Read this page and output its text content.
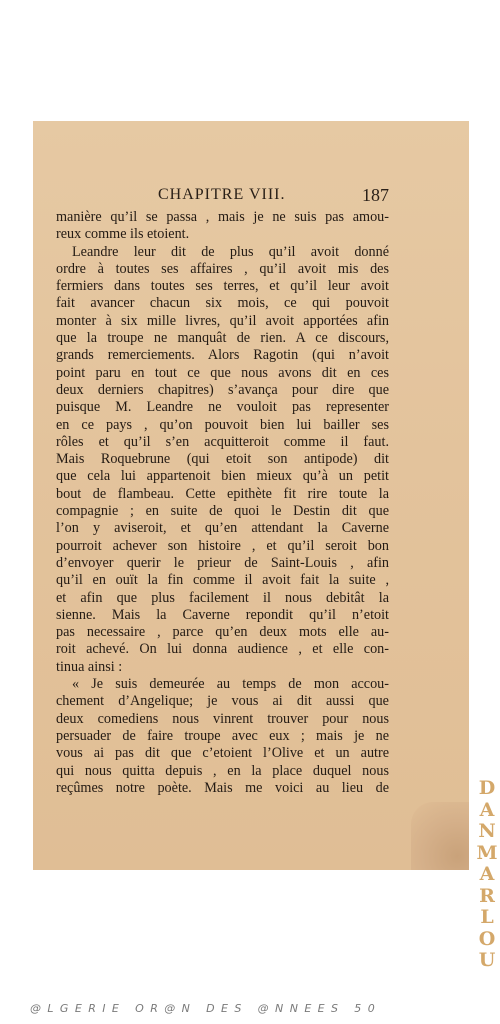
CHAPITRE VIII.	187
manière qu’il se passa , mais je ne suis pas amou-
reux comme ils etoient.
Leandre leur dit de plus qu’il avoit donné
ordre à toutes ses affaires , qu’il avoit mis des
fermiers dans toutes ses terres, et qu’il leur avoit
fait avancer chacun six mois, ce qui pouvoit
monter à six mille livres, qu’il avoit apportées afin
que la troupe ne manquât de rien. A ce discours,
grands remerciements. Alors Ragotin (qui n’avoit
point paru en tout ce que nous avons dit en ces
deux derniers chapitres) s’avança pour dire que
puisque M. Leandre ne vouloit pas representer
en ce pays , qu’on pouvoit bien lui bailler ses
rôles et qu’il s’en acquitteroit comme il faut.
Mais Roquebrune (qui etoit son antipode) dit
que cela lui appartenoit bien mieux qu’à un petit
bout de flambeau. Cette epithète fit rire toute la
compagnie ; en suite de quoi le Destin dit que
l’on y aviseroit, et qu’en attendant la Caverne
pourroit achever son histoire , et qu’il seroit bon
d’envoyer querir le prieur de Saint-Louis , afin
qu’il en ouït la fin comme il avoit fait la suite ,
et afin que plus facilement il nous debitât la
sienne. Mais la Caverne repondit qu’il n’etoit
pas necessaire , parce qu’en deux mots elle au-
roit achevé. On lui donna audience , et elle con-
tinua ainsi :
« Je suis demeurée au temps de mon accou-
chement d’Angelique; je vous ai dit aussi que
deux comediens nous vinrent trouver pour nous
persuader de faire troupe avec eux ; mais je ne
vous ai pas dit que c’etoient l’Olive et un autre
qui nous quitta depuis , en la place duquel nous
reçûmes notre poète. Mais me voici au lieu de	D
A
N
M
A
R
L
O
U
@LGERIE OR@N DES @NNEES 50
